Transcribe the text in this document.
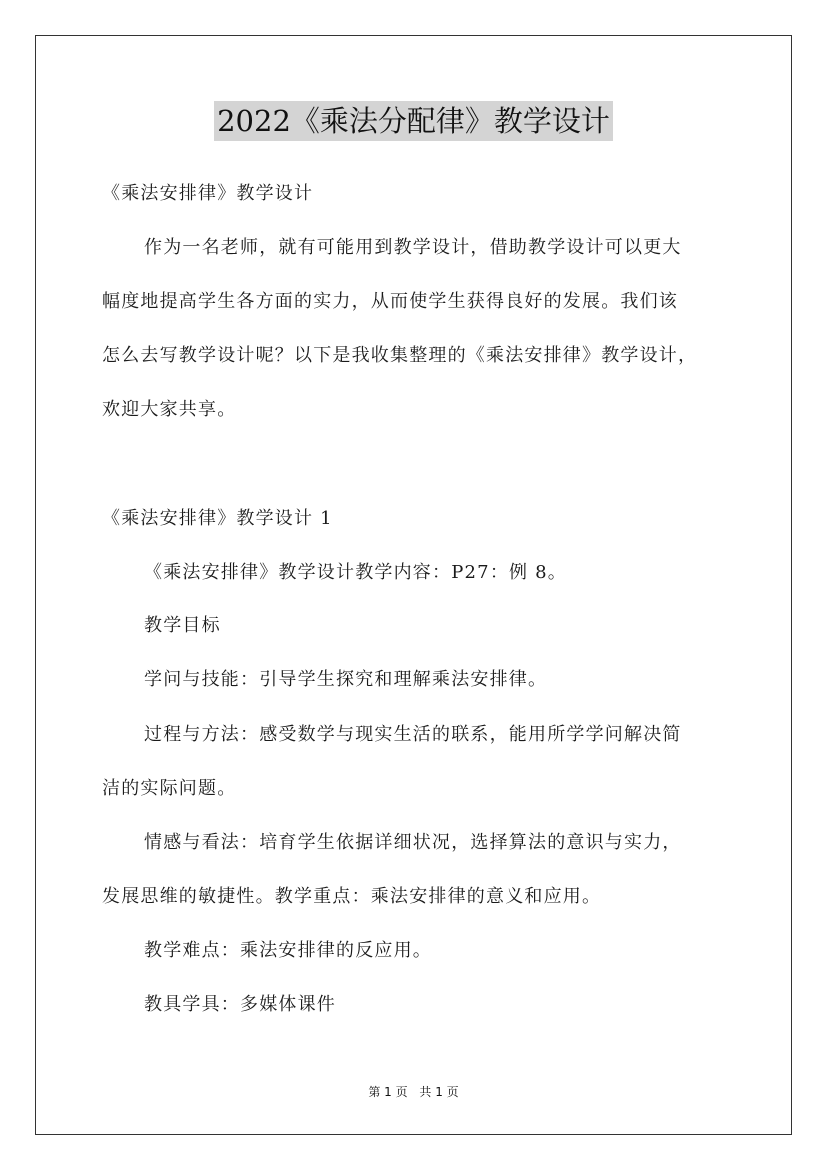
2022《乘法分配律》教学设计
《乘法安排律》教学设计
作为一名老师，就有可能用到教学设计，借助教学设计可以更大
幅度地提高学生各方面的实力，从而使学生获得良好的发展。我们该
怎么去写教学设计呢？以下是我收集整理的《乘法安排律》教学设计，
欢迎大家共享。
《乘法安排律》教学设计 1
《乘法安排律》教学设计教学内容：P27：例 8。
教学目标
学问与技能：引导学生探究和理解乘法安排律。
过程与方法：感受数学与现实生活的联系，能用所学学问解决简
洁的实际问题。
情感与看法：培育学生依据详细状况，选择算法的意识与实力，
发展思维的敏捷性。教学重点：乘法安排律的意义和应用。
教学难点：乘法安排律的反应用。
教具学具：多媒体课件
第 1 页 共 1 页
